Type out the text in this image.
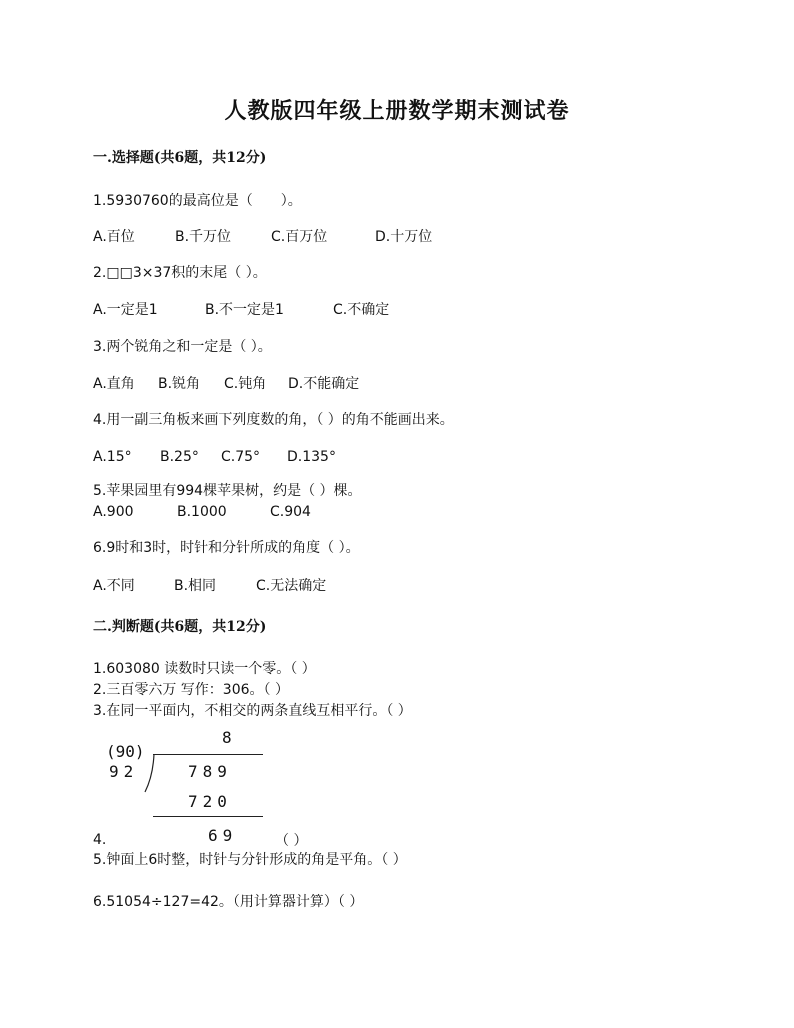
人教版四年级上册数学期末测试卷
一.选择题(共6题，共12分)
1.5930760的最高位是（　　）。
A.百位	B.千万位	C.百万位	D.十万位
2.□□3×37积的末尾（ ）。
A.一定是1	B.不一定是1	C.不确定
3.两个锐角之和一定是（ ）。
A.直角 B.锐角 C.钝角 D.不能确定
4.用一副三角板来画下列度数的角，（ ）的角不能画出来。
A.15° B.25° C.75° D.135°
5.苹果园里有994棵苹果树，约是（ ）棵。
A.900	B.1000	C.904
6.9时和3时，时针和分针所成的角度（ ）。
A.不同	B.相同	C.无法确定
二.判断题(共6题，共12分)
1.603080 读数时只读一个零。（ ）
2.三百零六万 写作：306。（ ）
3.在同一平面内，不相交的两条直线互相平行。（ ）
8
(90)
92	789
720
69
4.	（ ）
5.钟面上6时整，时针与分针形成的角是平角。（ ）
6.51054÷127=42。（用计算器计算）（ ）
